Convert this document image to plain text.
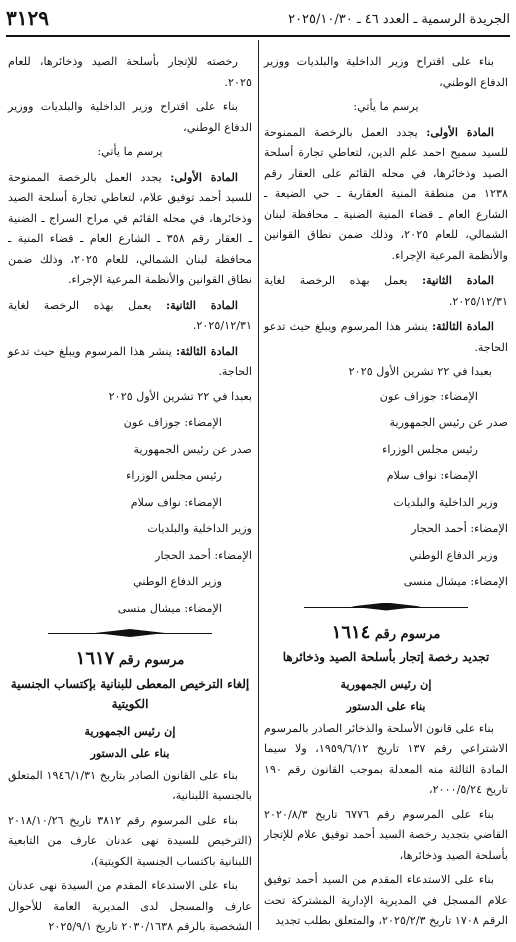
الجريدة الرسمية ـ العدد ٤٦ ـ ٢٠٢٥/١٠/٣٠
٣١٢٩

بناء على اقتراح وزير الداخلية والبلديات ووزير الدفاع الوطني،

يرسم ما يأتي:

المادة الأولى: يجدد العمل بالرخصة الممنوحة للسيد سميح احمد علم الدين، لتعاطي تجارة أسلحة الصيد وذخائرها، في محله القائم على العقار رقم ١٢٣٨ من منطقة المنية العقارية ـ حي الضيعة ـ الشارع العام ـ قضاء المنية الضنية ـ محافظة لبنان الشمالي، للعام ٢٠٢٥، وذلك ضمن نطاق القوانين والأنظمة المرعية الإجراء.

المادة الثانية: يعمل بهذه الرخصة لغاية ٢٠٢٥/١٢/٣١.

المادة الثالثة: ينشر هذا المرسوم ويبلغ حيث تدعو الحاجة.

بعبدا في ٢٢ تشرين الأول ٢٠٢٥

الإمضاء: جوزاف عون

صدر عن رئيس الجمهورية

رئيس مجلس الوزراء

الإمضاء: نواف سلام

وزير الداخلية والبلديات

الإمضاء: أحمد الحجار

وزير الدفاع الوطني

الإمضاء: ميشال منسى

مرسوم رقم ١٦١٤

تجديد رخصة إتجار بأسلحة الصيد وذخائرها

إن رئيس الجمهورية

بناء على الدستور

بناء على قانون الأسلحة والذخائر الصادر بالمرسوم الاشتراعي رقم ١٣٧ تاريخ ١٩٥٩/٦/١٢، ولا سيما المادة الثالثة منه المعدلة بموجب القانون رقم ١٩٠ تاريخ ٢٠٠٠/٥/٢٤،

بناء على المرسوم رقم ٦٧٧٦ تاريخ ٢٠٢٠/٨/٣ القاضي بتجديد رخصة السيد أحمد توفيق علام للإتجار بأسلحة الصيد وذخائرها،

بناء على الاستدعاء المقدم من السيد أحمد توفيق علام المسجل في المديرية الإدارية المشتركة تحت الرقم ١٧٠٨ تاريخ ٢٠٢٥/٢/٣، والمتعلق بطلب تجديد

رخصته للإتجار بأسلحة الصيد وذخائرها، للعام ٢٠٢٥.

بناء على اقتراح وزير الداخلية والبلديات ووزير الدفاع الوطني،

يرسم ما يأتي:

المادة الأولى: يجدد العمل بالرخصة الممنوحة للسيد أحمد توفيق علام، لتعاطي تجارة أسلحة الصيد وذخائرها، في محله القائم في مراح السراج ـ الضنية ـ العقار رقم ٣٥٨ ـ الشارع العام ـ قضاء المنية ـ محافظة لبنان الشمالي، للعام ٢٠٢٥، وذلك ضمن نطاق القوانين والأنظمة المرعية الإجراء.

المادة الثانية: يعمل بهذه الرخصة لغاية ٢٠٢٥/١٢/٣١.

المادة الثالثة: ينشر هذا المرسوم ويبلغ حيث تدعو الحاجة.

بعبدا في ٢٢ تشرين الأول ٢٠٢٥

الإمضاء: جوزاف عون

صدر عن رئيس الجمهورية

رئيس مجلس الوزراء

الإمضاء: نواف سلام

وزير الداخلية والبلديات

الإمضاء: أحمد الحجار

وزير الدفاع الوطني

الإمضاء: ميشال منسى

مرسوم رقم ١٦١٧

إلغاء الترخيص المعطى للبنانية بإكتساب الجنسية الكويتية

إن رئيس الجمهورية

بناء على الدستور

بناء على القانون الصادر بتاريخ ١٩٤٦/١/٣١ المتعلق بالجنسية اللبنانية،

بناء على المرسوم رقم ٣٨١٢ تاريخ ٢٠١٨/١٠/٢٦ (الترخيص للسيدة نهى عدنان عارف من التابعية اللبنانية باكتساب الجنسية الكويتية)،

بناء على الاستدعاء المقدم من السيدة نهى عدنان عارف والمسجل لدى المديرية العامة للأحوال الشخصية بالرقم ٢٠٣٠/١٦٣٨ تاريخ ٢٠٢٥/٩/١
